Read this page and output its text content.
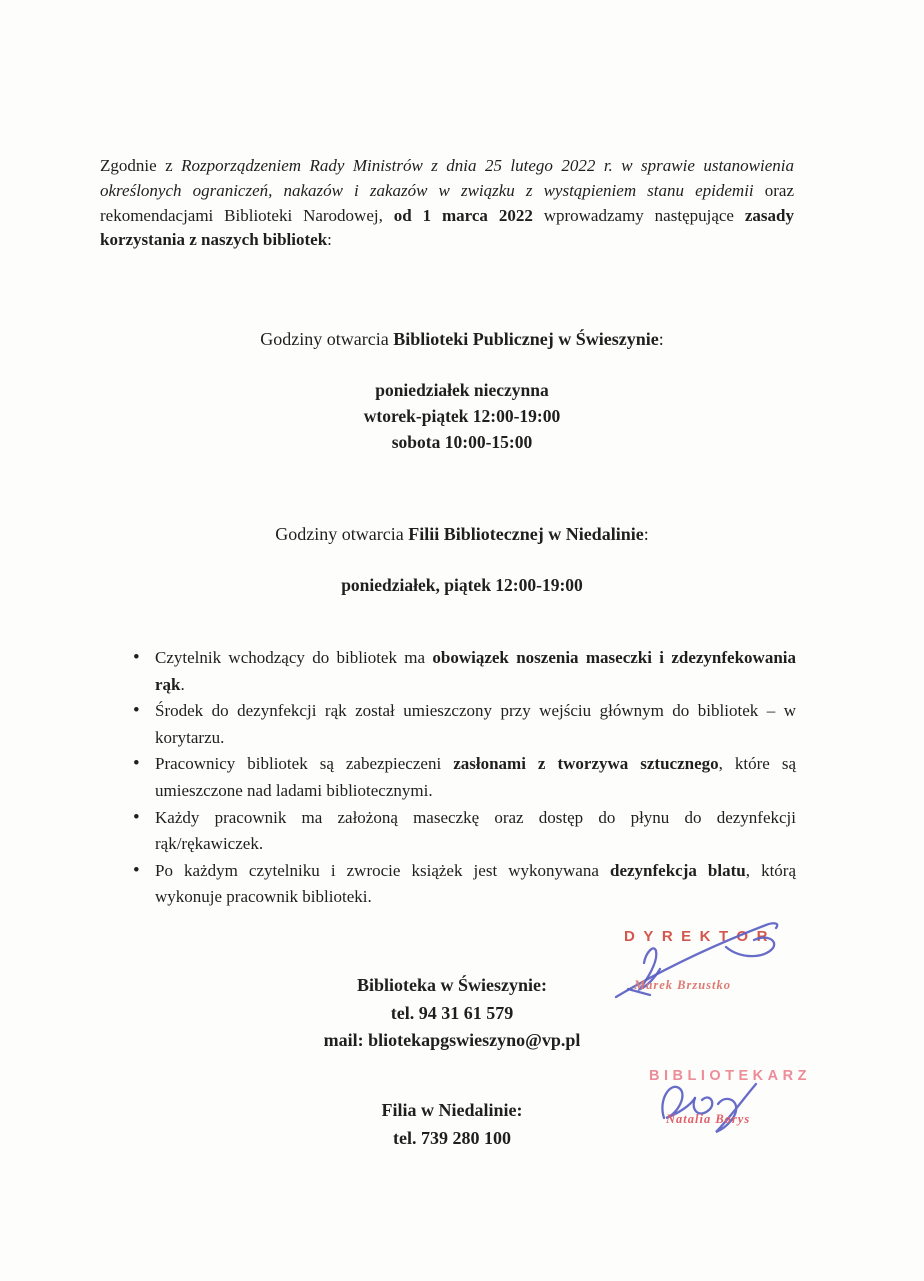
Zgodnie z Rozporządzeniem Rady Ministrów z dnia 25 lutego 2022 r. w sprawie ustanowienia określonych ograniczeń, nakazów i zakazów w związku z wystąpieniem stanu epidemii oraz rekomendacjami Biblioteki Narodowej, od 1 marca 2022 wprowadzamy następujące zasady korzystania z naszych bibliotek:

Godziny otwarcia Biblioteki Publicznej w Świeszynie:
poniedziałek nieczynna
wtorek-piątek 12:00-19:00
sobota 10:00-15:00
Godziny otwarcia Filii Bibliotecznej w Niedalinie:
poniedziałek, piątek 12:00-19:00
• Czytelnik wchodzący do bibliotek ma obowiązek noszenia maseczki i zdezynfekowania rąk.
• Środek do dezynfekcji rąk został umieszczony przy wejściu głównym do bibliotek – w korytarzu.
• Pracownicy bibliotek są zabezpieczeni zasłonami z tworzywa sztucznego, które są umieszczone nad ladami bibliotecznymi.
• Każdy pracownik ma założoną maseczkę oraz dostęp do płynu do dezynfekcji rąk/rękawiczek.
• Po każdym czytelniku i zwrocie książek jest wykonywana dezynfekcja blatu, którą wykonuje pracownik biblioteki.
Biblioteka w Świeszynie:
tel. 94 31 61 579
mail: bliotekapgswieszyno@vp.pl
Filia w Niedalinie:
tel. 739 280 100
DYREKTOR
Marek Brzustko
BIBLIOTEKARZ
Natalia Borys
